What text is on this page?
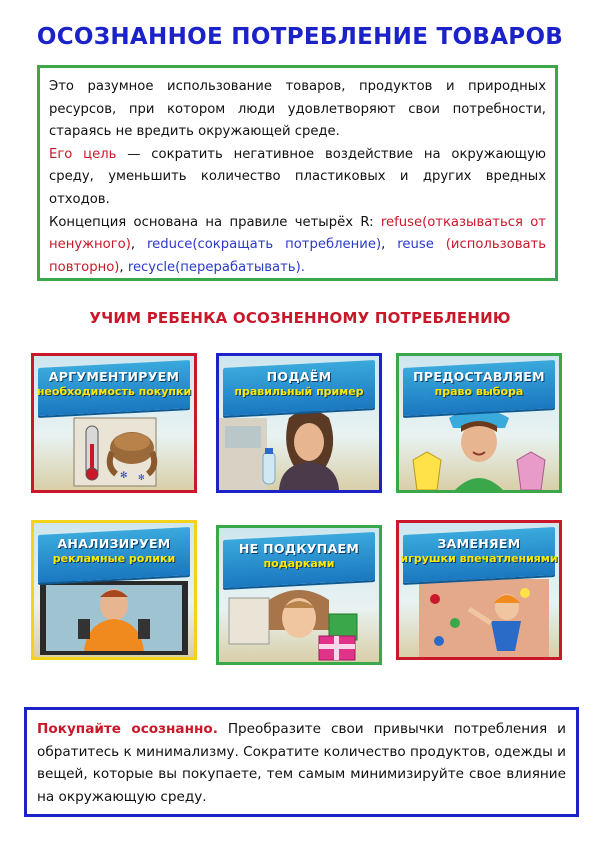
ОСОЗНАННОЕ ПОТРЕБЛЕНИЕ ТОВАРОВ

Это разумное использование товаров, продуктов и природных ресурсов, при котором люди удовлетворяют свои потребности, стараясь не вредить окружающей среде.
Его цель — сократить негативное воздействие на окружающую среду, уменьшить количество пластиковых и других вредных отходов.
Концепция основана на правиле четырёх R: refuse(отказываться от ненужного), reduce(сокращать потребление), reuse (использовать повторно), recycle(перерабатывать).

УЧИМ РЕБЕНКА ОСОЗНЕННОМУ ПОТРЕБЛЕНИЮ
✻ ✻
АРГУМЕНТИРУЕМ
необходимость покупки
ПОДАЁМ
правильный пример
ПРЕДОСТАВЛЯЕМ
право выбора
АНАЛИЗИРУЕМ
рекламные ролики
НЕ ПОДКУПАЕМ
подарками
ЗАМЕНЯЕМ
игрушки впечатлениями

Покупайте осознанно. Преобразите свои привычки потребления и обратитесь к минимализму. Сократите количество продуктов, одежды и вещей, которые вы покупаете, тем самым минимизируйте свое влияние на окружающую среду.
